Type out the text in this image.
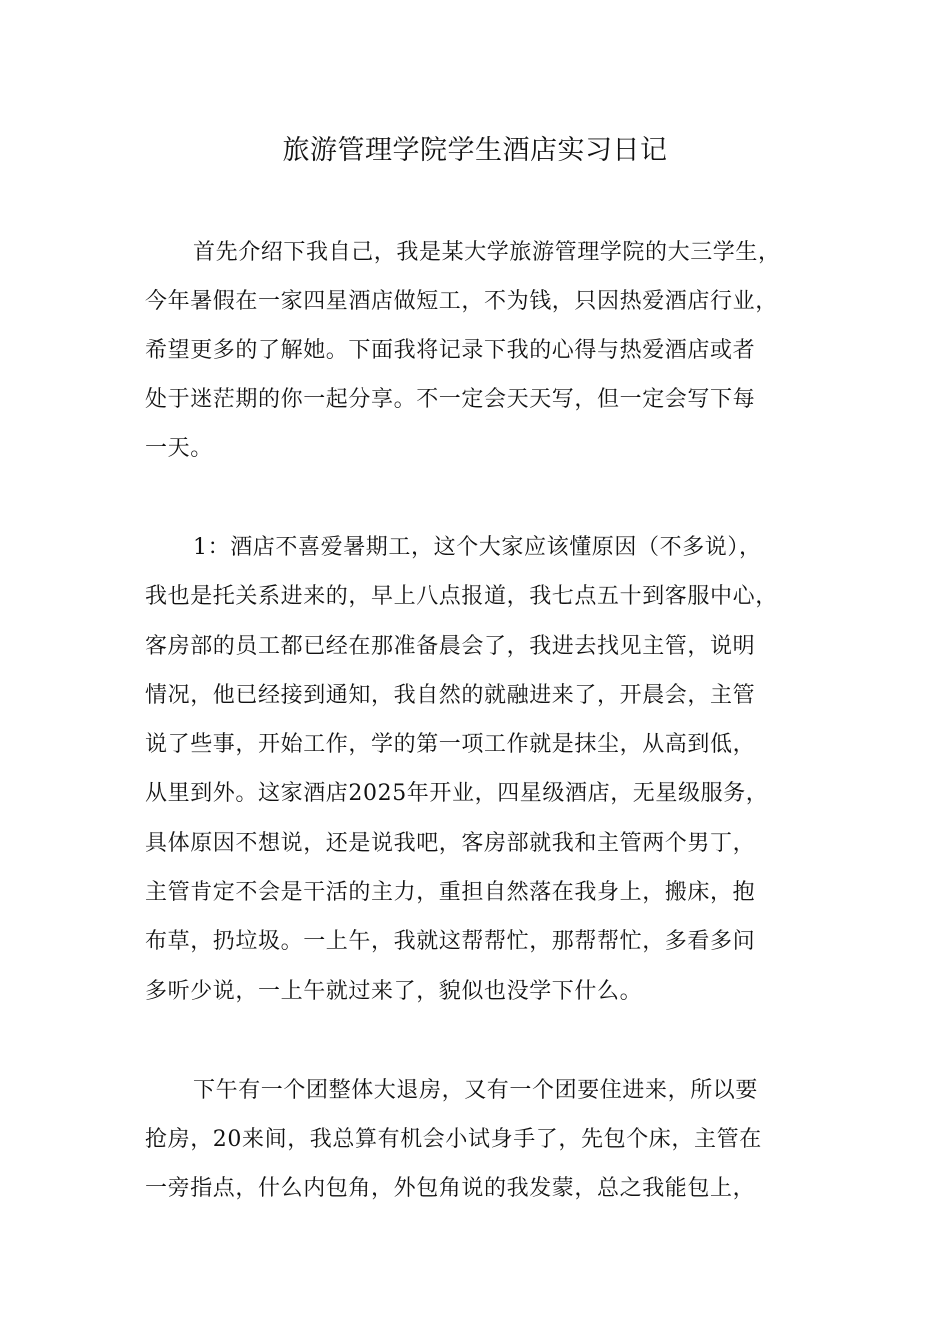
旅游管理学院学生酒店实习日记
首先介绍下我自己，我是某大学旅游管理学院的大三学生，
今年暑假在一家四星酒店做短工，不为钱，只因热爱酒店行业，
希望更多的了解她。下面我将记录下我的心得与热爱酒店或者
处于迷茫期的你一起分享。不一定会天天写，但一定会写下每
一天。
1：酒店不喜爱暑期工，这个大家应该懂原因（不多说），
我也是托关系进来的，早上八点报道，我七点五十到客服中心，
客房部的员工都已经在那准备晨会了，我进去找见主管，说明
情况，他已经接到通知，我自然的就融进来了，开晨会，主管
说了些事，开始工作，学的第一项工作就是抹尘，从高到低，
从里到外。这家酒店2025年开业，四星级酒店，无星级服务，
具体原因不想说，还是说我吧，客房部就我和主管两个男丁，
主管肯定不会是干活的主力，重担自然落在我身上，搬床，抱
布草，扔垃圾。一上午，我就这帮帮忙，那帮帮忙，多看多问
多听少说，一上午就过来了，貌似也没学下什么。
下午有一个团整体大退房，又有一个团要住进来，所以要
抢房，20来间，我总算有机会小试身手了，先包个床，主管在
一旁指点，什么内包角，外包角说的我发蒙，总之我能包上，
